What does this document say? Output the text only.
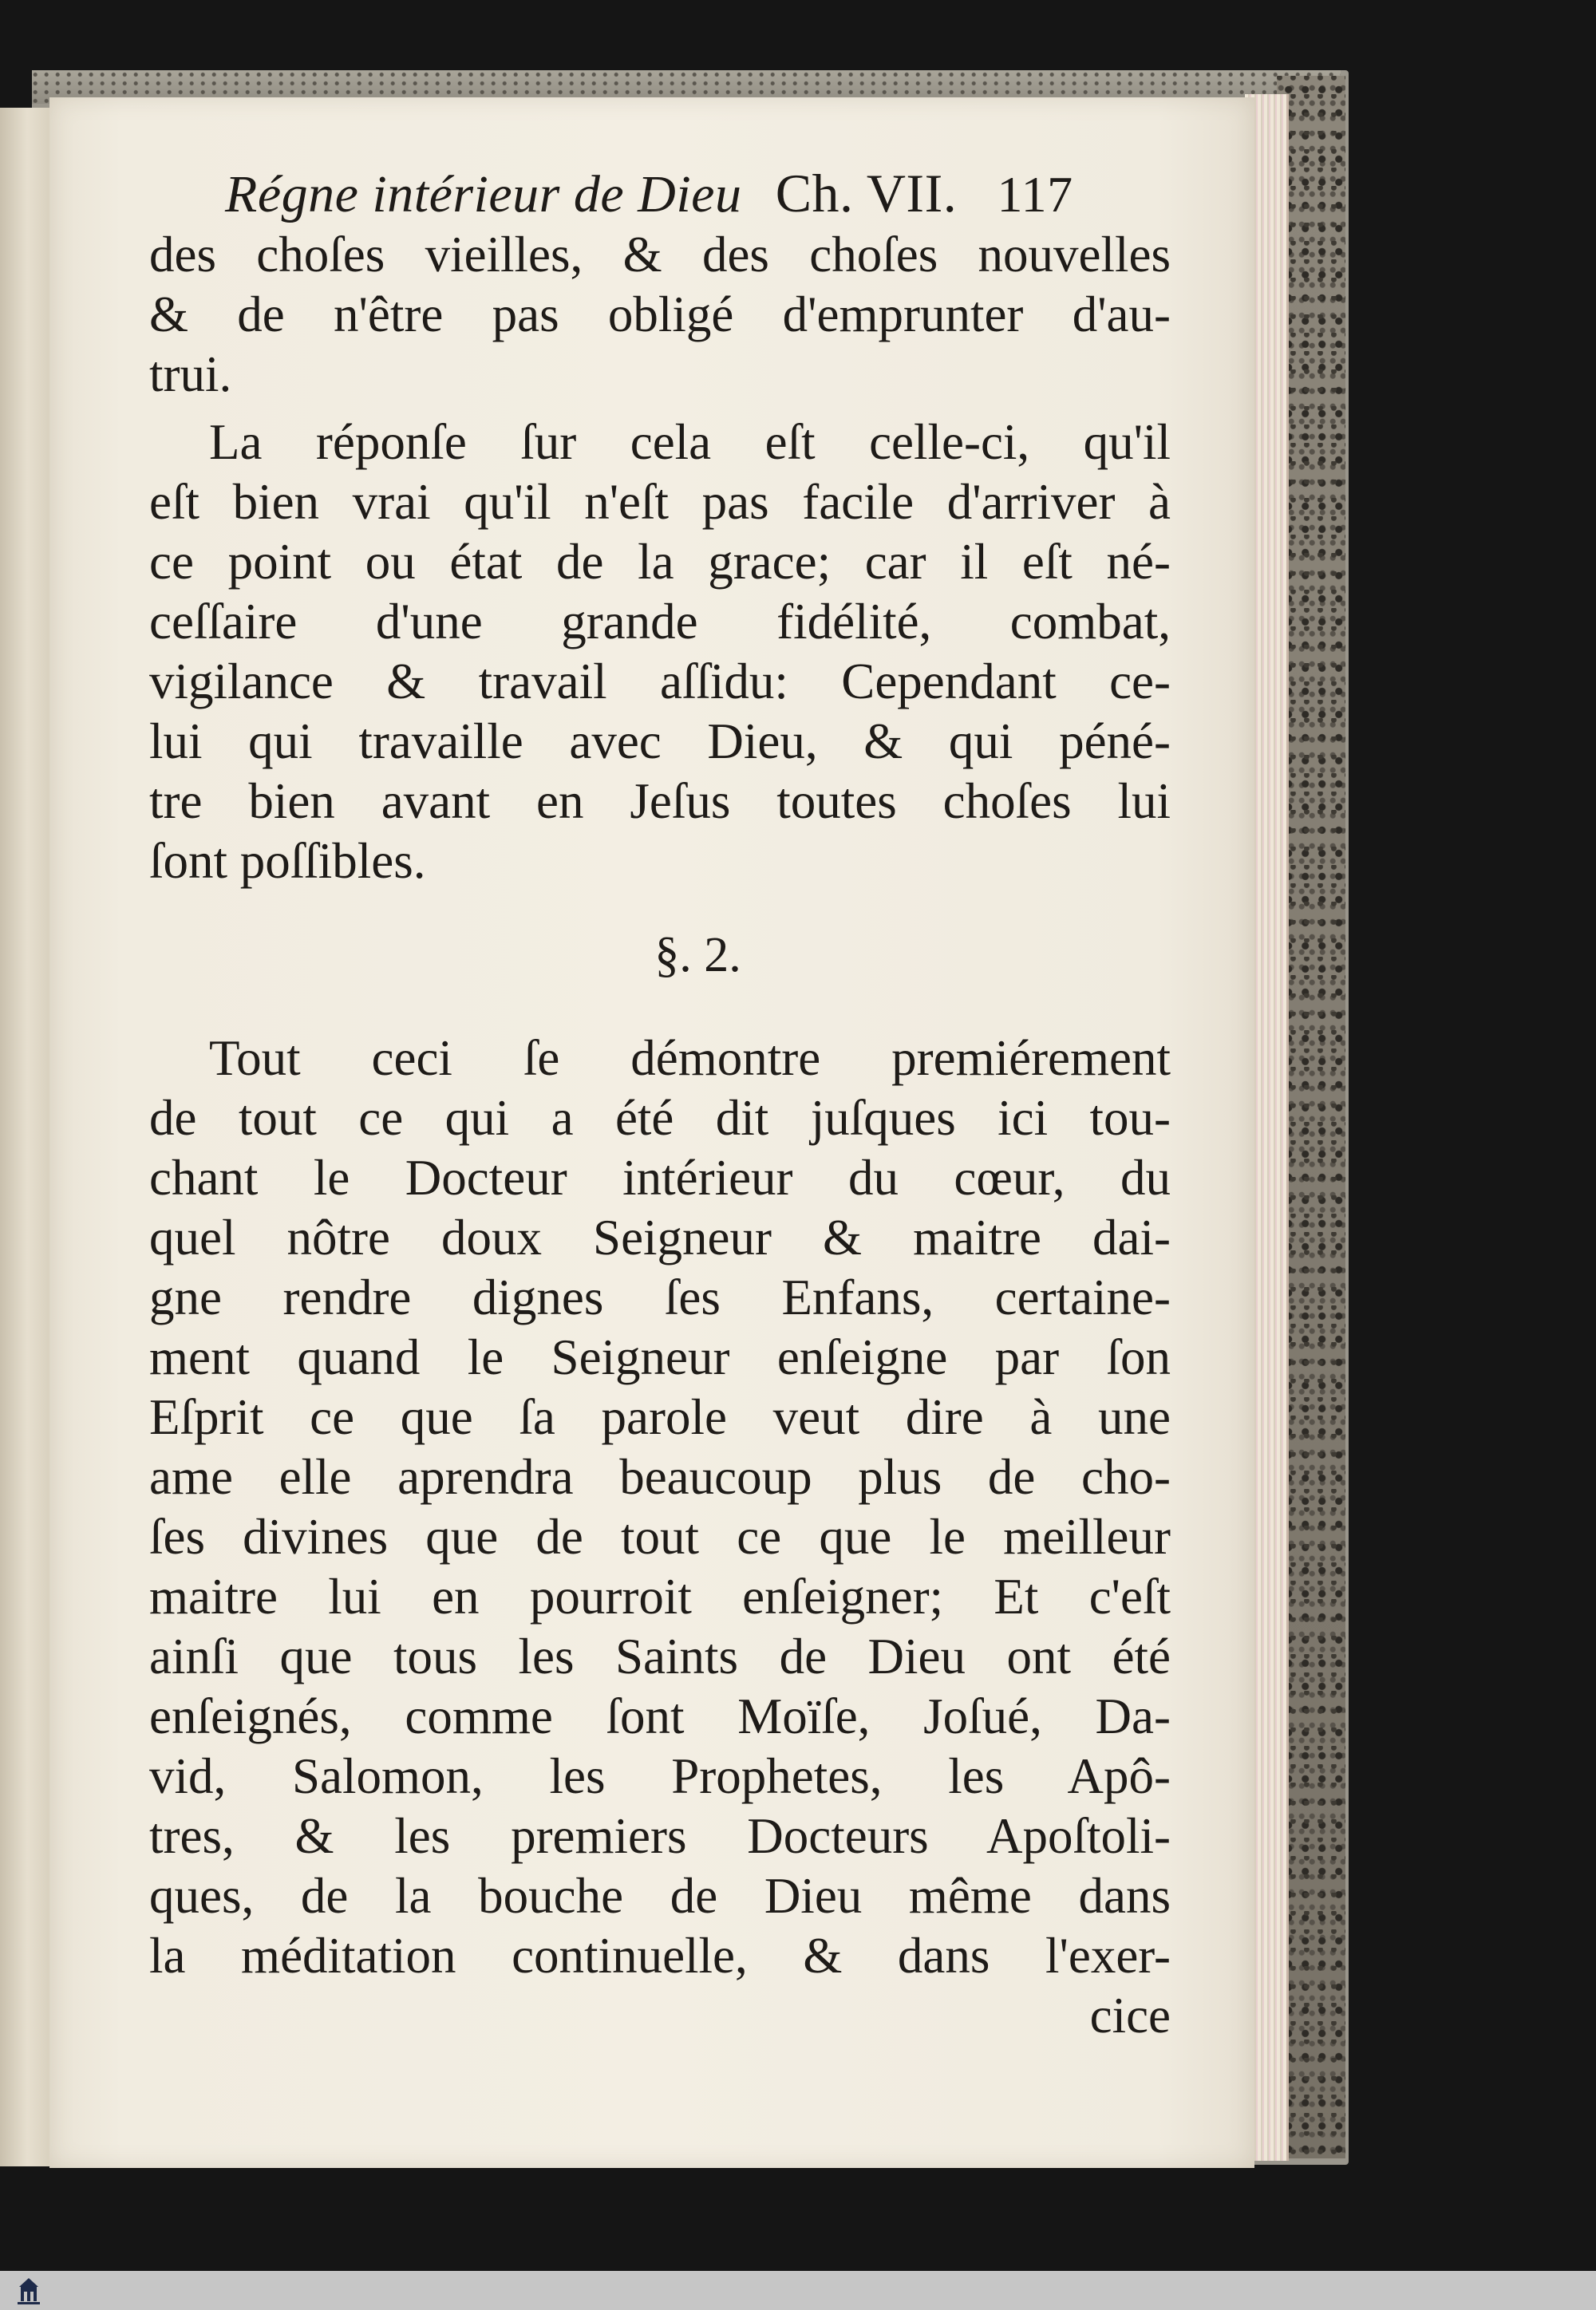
Régne intérieur de Dieu Ch. VII. 117
des choſes vieilles, & des choſes nouvelles
& de n'être pas obligé d'emprunter d'au-
trui.
La réponſe ſur cela eſt celle-ci, qu'il
eſt bien vrai qu'il n'eſt pas facile d'arriver à
ce point ou état de la grace; car il eſt né-
ceſſaire d'une grande fidélité, combat,
vigilance & travail aſſidu: Cependant ce-
lui qui travaille avec Dieu, & qui péné-
tre bien avant en Jeſus toutes choſes lui
ſont poſſibles.
§. 2.
Tout ceci ſe démontre premiérement
de tout ce qui a été dit juſques ici tou-
chant le Docteur intérieur du cœur, du
quel nôtre doux Seigneur & maitre dai-
gne rendre dignes ſes Enfans, certaine-
ment quand le Seigneur enſeigne par ſon
Eſprit ce que ſa parole veut dire à une
ame elle aprendra beaucoup plus de cho-
ſes divines que de tout ce que le meilleur
maitre lui en pourroit enſeigner; Et c'eſt
ainſi que tous les Saints de Dieu ont été
enſeignés, comme ſont Moïſe, Joſué, Da-
vid, Salomon, les Prophetes, les Apô-
tres, & les premiers Docteurs Apoſtoli-
ques, de la bouche de Dieu même dans
la méditation continuelle, & dans l'exer-
cice
